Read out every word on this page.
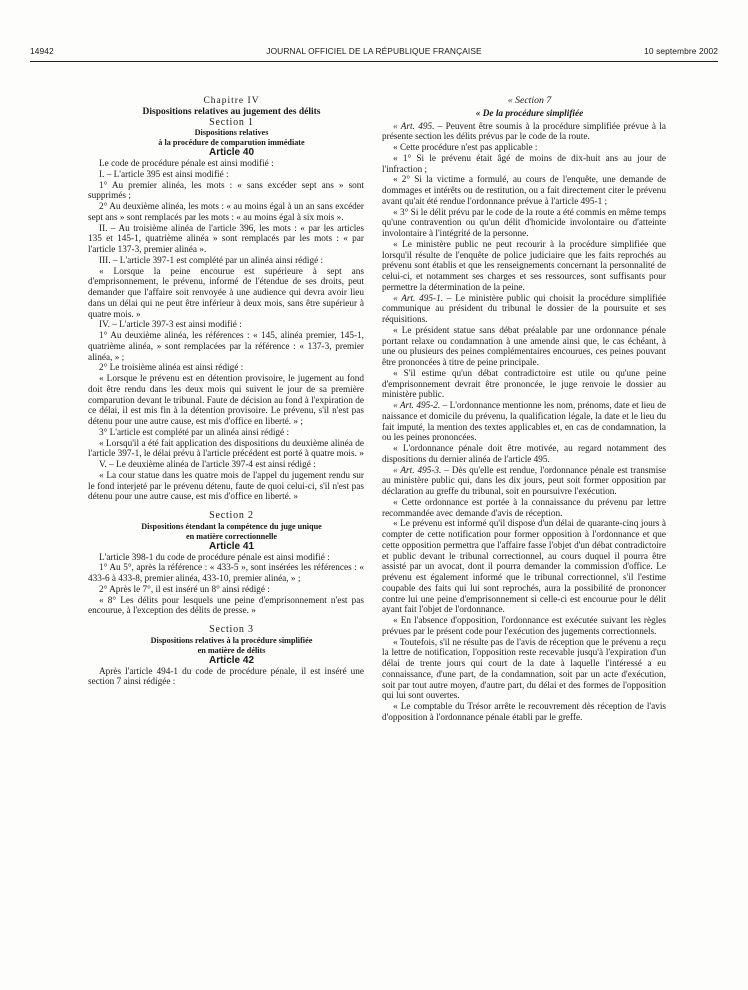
14942	JOURNAL OFFICIEL DE LA RÉPUBLIQUE FRANÇAISE	10 septembre 2002

Chapitre IV

Dispositions relatives au jugement des délits

Section 1

Dispositions relatives

à la procédure de comparution immédiate

Article 40

Le code de procédure pénale est ainsi modifié :

I. – L'article 395 est ainsi modifié :

1° Au premier alinéa, les mots : « sans excéder sept ans » sont supprimés ;

2° Au deuxième alinéa, les mots : « au moins égal à un an sans excéder sept ans » sont remplacés par les mots : « au moins égal à six mois ».

II. – Au troisième alinéa de l'article 396, les mots : « par les articles 135 et 145-1, quatrième alinéa » sont remplacés par les mots : « par l'article 137-3, premier alinéa ».

III. – L'article 397-1 est complété par un alinéa ainsi rédigé :

« Lorsque la peine encourue est supérieure à sept ans d'emprisonnement, le prévenu, informé de l'étendue de ses droits, peut demander que l'affaire soit renvoyée à une audience qui devra avoir lieu dans un délai qui ne peut être inférieur à deux mois, sans être supérieur à quatre mois. »

IV. – L'article 397-3 est ainsi modifié :

1° Au deuxième alinéa, les références : « 145, alinéa premier, 145-1, quatrième alinéa, » sont remplacées par la référence : « 137-3, premier alinéa, » ;

2° Le troisième alinéa est ainsi rédigé :

« Lorsque le prévenu est en détention provisoire, le jugement au fond doit être rendu dans les deux mois qui suivent le jour de sa première comparution devant le tribunal. Faute de décision au fond à l'expiration de ce délai, il est mis fin à la détention provisoire. Le prévenu, s'il n'est pas détenu pour une autre cause, est mis d'office en liberté. » ;

3° L'article est complété par un alinéa ainsi rédigé :

« Lorsqu'il a été fait application des dispositions du deuxième alinéa de l'article 397-1, le délai prévu à l'article précédent est porté à quatre mois. »

V. – Le deuxième alinéa de l'article 397-4 est ainsi rédigé :

« La cour statue dans les quatre mois de l'appel du jugement rendu sur le fond interjeté par le prévenu détenu, faute de quoi celui-ci, s'il n'est pas détenu pour une autre cause, est mis d'office en liberté. »

Section 2

Dispositions étendant la compétence du juge unique

en matière correctionnelle

Article 41

L'article 398-1 du code de procédure pénale est ainsi modifié :

1° Au 5°, après la référence : « 433-5 », sont insérées les références : « 433-6 à 433-8, premier alinéa, 433-10, premier alinéa, » ;

2° Après le 7°, il est inséré un 8° ainsi rédigé :

« 8° Les délits pour lesquels une peine d'emprisonnement n'est pas encourue, à l'exception des délits de presse. »

Section 3

Dispositions relatives à la procédure simplifiée

en matière de délits

Article 42

Après l'article 494-1 du code de procédure pénale, il est inséré une section 7 ainsi rédigée :

« Section 7

« De la procédure simplifiée

« Art. 495. – Peuvent être soumis à la procédure simplifiée prévue à la présente section les délits prévus par le code de la route.

« Cette procédure n'est pas applicable :

« 1° Si le prévenu était âgé de moins de dix-huit ans au jour de l'infraction ;

« 2° Si la victime a formulé, au cours de l'enquête, une demande de dommages et intérêts ou de restitution, ou a fait directement citer le prévenu avant qu'ait été rendue l'ordonnance prévue à l'article 495-1 ;

« 3° Si le délit prévu par le code de la route a été commis en même temps qu'une contravention ou qu'un délit d'homicide involontaire ou d'atteinte involontaire à l'intégrité de la personne.

« Le ministère public ne peut recourir à la procédure simplifiée que lorsqu'il résulte de l'enquête de police judiciaire que les faits reprochés au prévenu sont établis et que les renseignements concernant la personnalité de celui-ci, et notamment ses charges et ses ressources, sont suffisants pour permettre la détermination de la peine.

« Art. 495-1. – Le ministère public qui choisit la procédure simplifiée communique au président du tribunal le dossier de la poursuite et ses réquisitions.

« Le président statue sans débat préalable par une ordonnance pénale portant relaxe ou condamnation à une amende ainsi que, le cas échéant, à une ou plusieurs des peines complémentaires encourues, ces peines pouvant être prononcées à titre de peine principale.

« S'il estime qu'un débat contradictoire est utile ou qu'une peine d'emprisonnement devrait être prononcée, le juge renvoie le dossier au ministère public.

« Art. 495-2. – L'ordonnance mentionne les nom, prénoms, date et lieu de naissance et domicile du prévenu, la qualification légale, la date et le lieu du fait imputé, la mention des textes applicables et, en cas de condamnation, la ou les peines prononcées.

« L'ordonnance pénale doit être motivée, au regard notamment des dispositions du dernier alinéa de l'article 495.

« Art. 495-3. – Dès qu'elle est rendue, l'ordonnance pénale est transmise au ministère public qui, dans les dix jours, peut soit former opposition par déclaration au greffe du tribunal, soit en poursuivre l'exécution.

« Cette ordonnance est portée à la connaissance du prévenu par lettre recommandée avec demande d'avis de réception.

« Le prévenu est informé qu'il dispose d'un délai de quarante-cinq jours à compter de cette notification pour former opposition à l'ordonnance et que cette opposition permettra que l'affaire fasse l'objet d'un débat contradictoire et public devant le tribunal correctionnel, au cours duquel il pourra être assisté par un avocat, dont il pourra demander la commission d'office. Le prévenu est également informé que le tribunal correctionnel, s'il l'estime coupable des faits qui lui sont reprochés, aura la possibilité de prononcer contre lui une peine d'emprisonnement si celle-ci est encourue pour le délit ayant fait l'objet de l'ordonnance.

« En l'absence d'opposition, l'ordonnance est exécutée suivant les règles prévues par le présent code pour l'exécution des jugements correctionnels.

« Toutefois, s'il ne résulte pas de l'avis de réception que le prévenu a reçu la lettre de notification, l'opposition reste recevable jusqu'à l'expiration d'un délai de trente jours qui court de la date à laquelle l'intéressé a eu connaissance, d'une part, de la condamnation, soit par un acte d'exécution, soit par tout autre moyen, d'autre part, du délai et des formes de l'opposition qui lui sont ouvertes.

« Le comptable du Trésor arrête le recouvrement dès réception de l'avis d'opposition à l'ordonnance pénale établi par le greffe.
